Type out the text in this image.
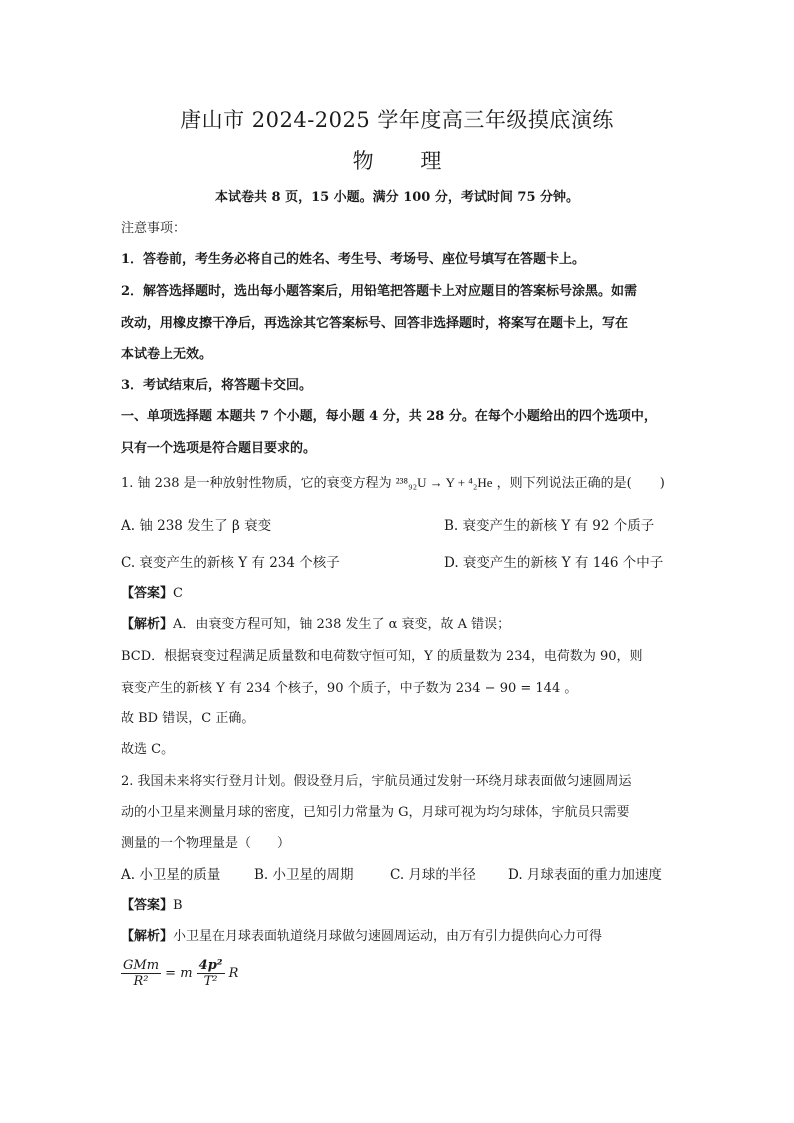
唐山市 2024-2025 学年度高三年级摸底演练
物 理
本试卷共 8 页，15 小题。满分 100 分，考试时间 75 分钟。
注意事项：
1．答卷前，考生务必将自己的姓名、考生号、考场号、座位号填写在答题卡上。
2．解答选择题时，选出每小题答案后，用铅笔把答题卡上对应题目的答案标号涂黑。如需
改动，用橡皮擦干净后，再选涂其它答案标号、回答非选择题时，将案写在题卡上，写在
本试卷上无效。
3．考试结束后，将答题卡交回。
一、单项选择题 本题共 7 个小题，每小题 4 分，共 28 分。在每个小题给出的四个选项中，
只有一个选项是符合题目要求的。
1. 铀 238 是一种放射性物质，它的衰变方程为 ²³⁸₉₂U → Y + ⁴₂He ，则下列说法正确的是( )
A. 铀 238 发生了 β 衰变	B. 衰变产生的新核 Y 有 92 个质子
C. 衰变产生的新核 Y 有 234 个核子	D. 衰变产生的新核 Y 有 146 个中子
【答案】C
【解析】A．由衰变方程可知，铀 238 发生了 α 衰变，故 A 错误；
BCD．根据衰变过程满足质量数和电荷数守恒可知，Y 的质量数为 234，电荷数为 90，则
衰变产生的新核 Y 有 234 个核子，90 个质子，中子数为 234 − 90 = 144 。
故 BD 错误，C 正确。
故选 C。
2. 我国未来将实行登月计划。假设登月后，宇航员通过发射一环绕月球表面做匀速圆周运
动的小卫星来测量月球的密度，已知引力常量为 G，月球可视为均匀球体，宇航员只需要
测量的一个物理量是（　　）
A. 小卫星的质量 B. 小卫星的周期	C. 月球的半径 D. 月球表面的重力加速度
【答案】B
【解析】小卫星在月球表面轨道绕月球做匀速圆周运动，由万有引力提供向心力可得
$\frac{\text{GMm}}{\text{R²}} = m \frac{\text{4p²}}{\text{T²}}$ R
